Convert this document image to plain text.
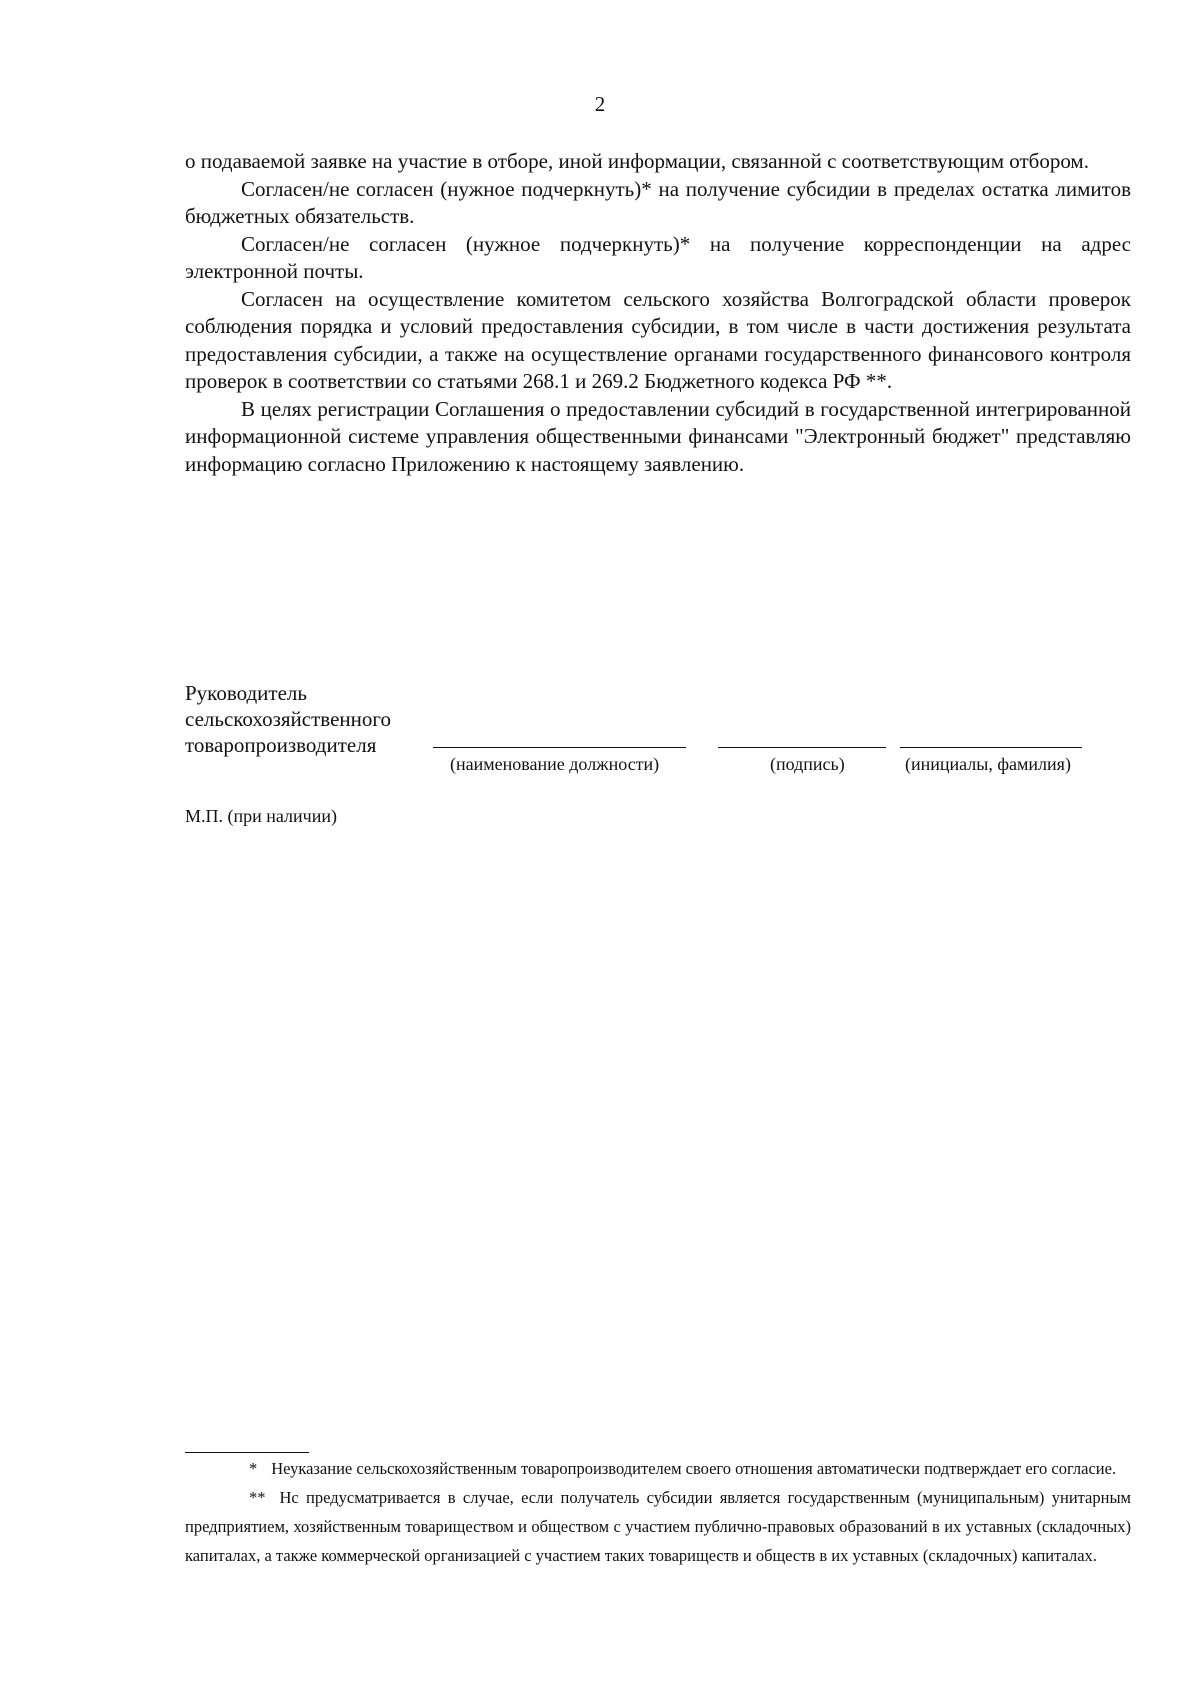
2

о подаваемой заявке на участие в отборе, иной информации, связанной с соответствующим отбором.

Согласен/не согласен (нужное подчеркнуть)* на получение субсидии в пределах остатка лимитов бюджетных обязательств.

Согласен/не согласен (нужное подчеркнуть)* на получение корреспонденции на адрес электронной почты.

Согласен на осуществление комитетом сельского хозяйства Волгоградской области проверок соблюдения порядка и условий предоставления субсидии, в том числе в части достижения результата предоставления субсидии, а также на осуществление органами государственного финансового контроля проверок в соответствии со статьями 268.1 и 269.2 Бюджетного кодекса РФ **.

В целях регистрации Соглашения о предоставлении субсидий в государственной интегрированной информационной системе управления общественными финансами "Электронный бюджет" представляю информацию согласно Приложению к настоящему заявлению.

Руководитель
сельскохозяйственного
товаропроизводителя
(наименование должности)	(подпись)	(инициалы, фамилия)
М.П. (при наличии)

* Неуказание сельскохозяйственным товаропроизводителем своего отношения автоматически подтверждает его согласие.

** Нс предусматривается в случае, если получатель субсидии является государственным (муниципальным) унитарным предприятием, хозяйственным товариществом и обществом с участием публично-правовых образований в их уставных (складочных) капиталах, а также коммерческой организацией с участием таких товариществ и обществ в их уставных (складочных) капиталах.
